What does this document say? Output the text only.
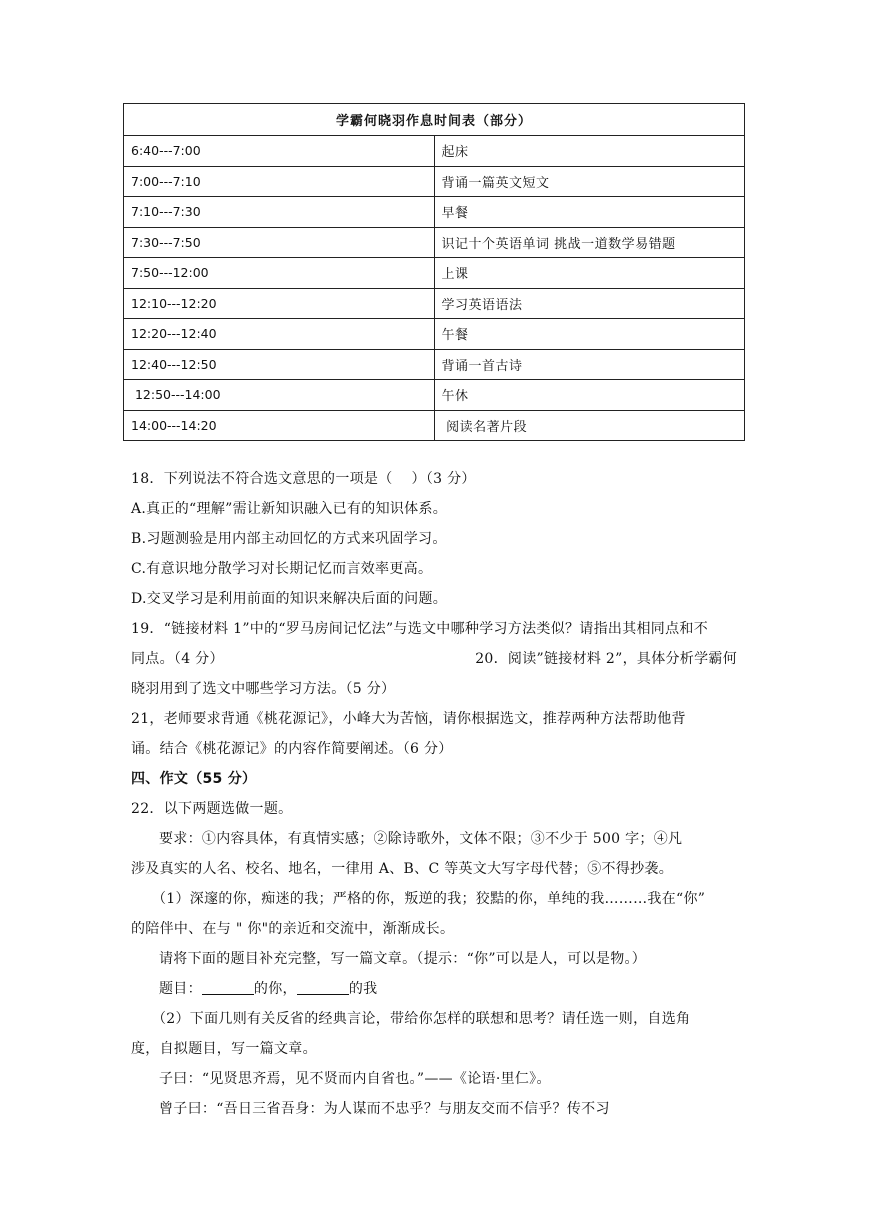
学霸何晓羽作息时间表（部分）	
6:40---7:00	起床
7:00---7:10	背诵一篇英文短文
7:10---7:30	早餐
7:30---7:50	识记十个英语单词 挑战一道数学易错题
7:50---12:00	上课
12:10---12:20	学习英语语法
12:20---12:40	午餐
12:40---12:50	背诵一首古诗
12:50---14:00	午休
14:00---14:20	阅读名著片段

18．下列说法不符合选文意思的一项是（    ）（3 分）

A.真正的“理解”需让新知识融入已有的知识体系。

B.习题测验是用内部主动回忆的方式来巩固学习。

C.有意识地分散学习对长期记忆而言效率更高。

D.交叉学习是利用前面的知识来解决后面的问题。

19．“链接材料 1”中的“罗马房间记忆法”与选文中哪种学习方法类似？请指出其相同点和不

同点。（4 分）	20．阅读”链接材料 2”，具体分析学霸何

晓羽用到了选文中哪些学习方法。（5 分）

21，老师要求背通《桃花源记》，小峰大为苦恼，请你根据选文，推荐两种方法帮助他背

诵。结合《桃花源记》的内容作简要阐述。（6 分）

四、作文（55 分）

22．以下两题选做一题。

要求：①内容具体，有真情实感；②除诗歌外，文体不限；③不少于 500 字；④凡

涉及真实的人名、校名、地名，一律用 A、B、C 等英文大写字母代替；⑤不得抄袭。

（1）深邃的你，痴迷的我；严格的你，叛逆的我；狡黠的你，单纯的我………我在“你”

的陪伴中、在与 " 你"的亲近和交流中，渐渐成长。

请将下面的题目补充完整，写一篇文章。（提示：“你”可以是人，可以是物。）

题目：	的你，	的我

（2）下面几则有关反省的经典言论，带给你怎样的联想和思考？请任选一则，自选角

度，自拟题目，写一篇文章。

子曰：“见贤思齐焉，见不贤而内自省也。”——《论语·里仁》。

曾子曰：“吾日三省吾身：为人谋而不忠乎？与朋友交而不信乎？传不习
